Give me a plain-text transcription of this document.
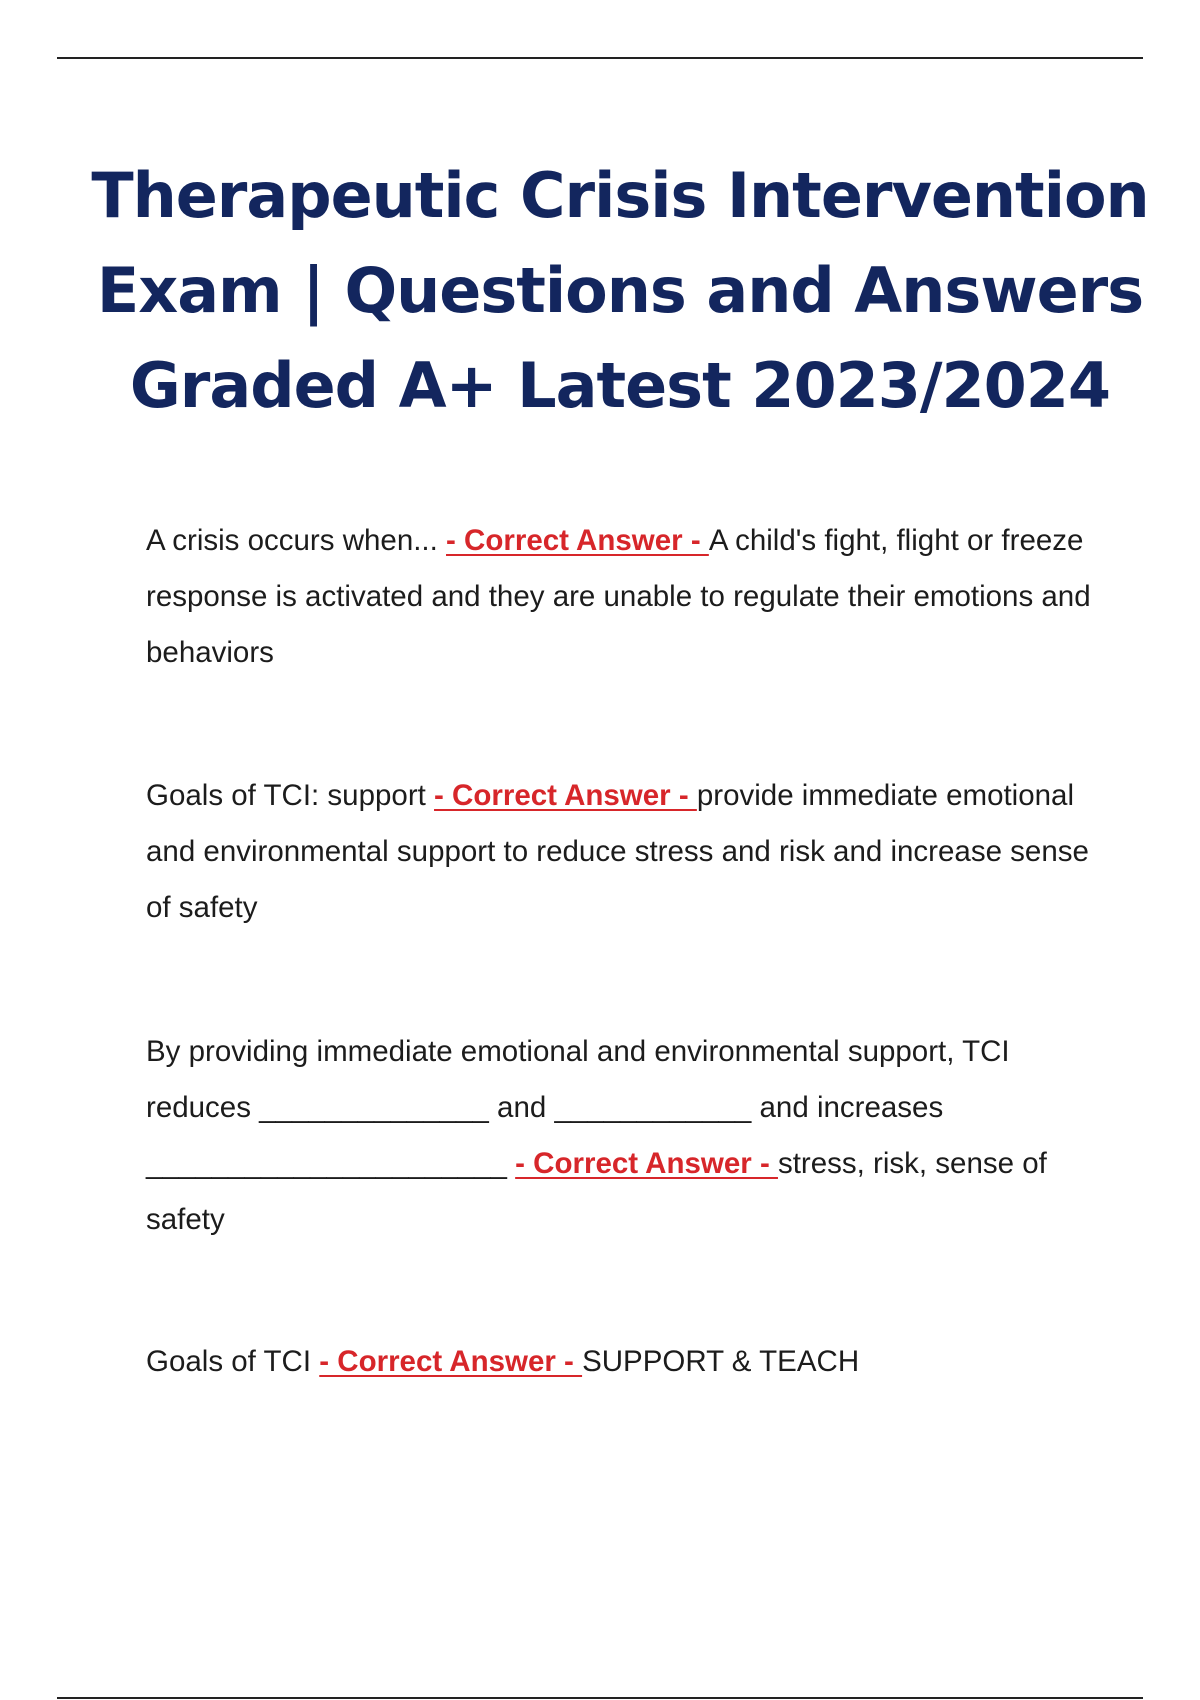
Therapeutic Crisis Intervention
Exam | Questions and Answers
Graded A+ Latest 2023/2024

A crisis occurs when... - Correct Answer - A child's fight, flight or freeze response is activated and they are unable to regulate their emotions and behaviors

Goals of TCI: support - Correct Answer - provide immediate emotional and environmental support to reduce stress and risk and increase sense of safety

By providing immediate emotional and environmental support, TCI reduces ______________ and ____________ and increases ______________________ - Correct Answer - stress, risk, sense of safety

Goals of TCI - Correct Answer - SUPPORT & TEACH
